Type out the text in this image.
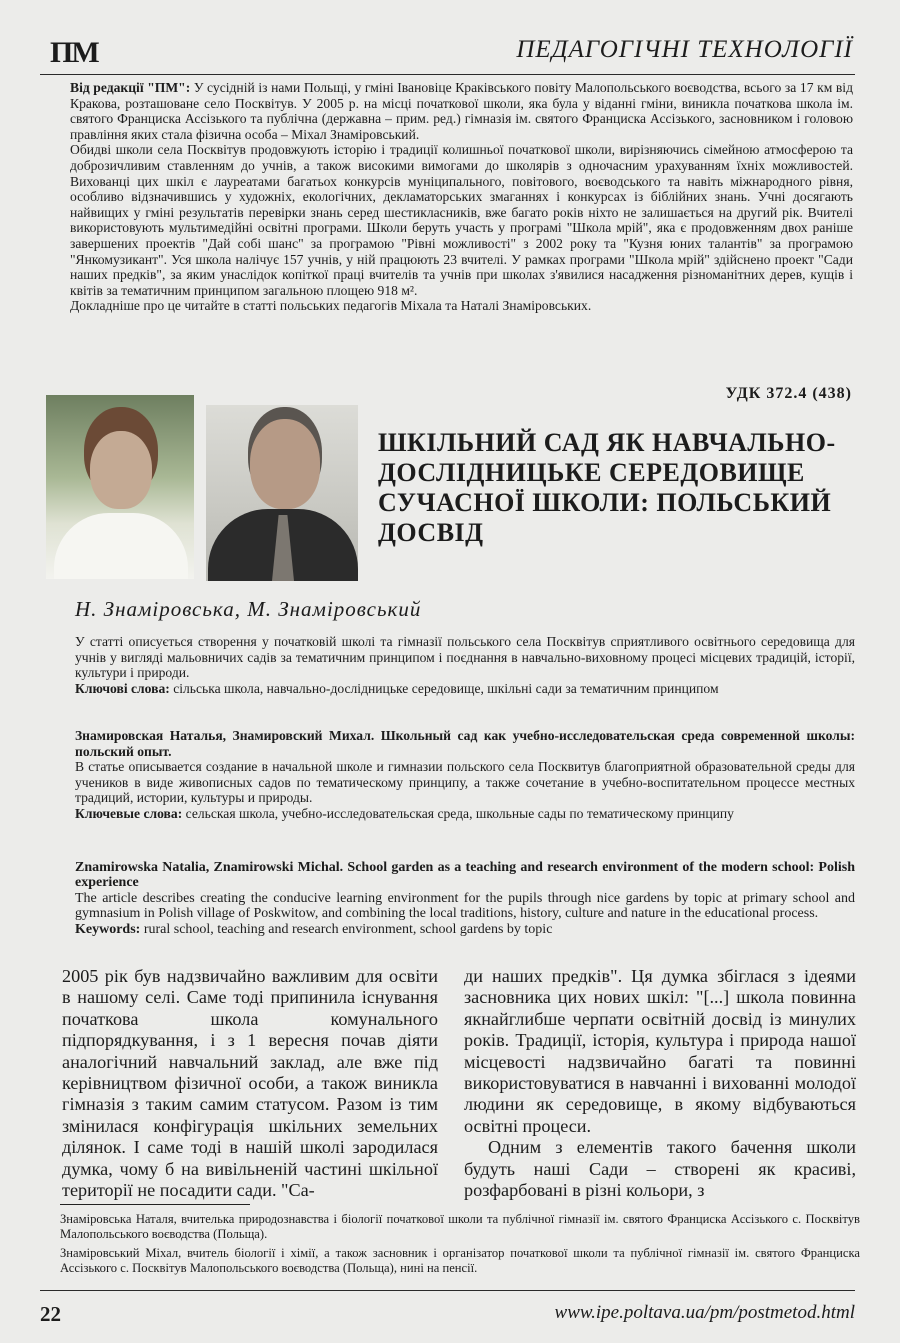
ПМ	ПЕДАГОГІЧНІ ТЕХНОЛОГІЇ
Від редакції "ПМ": У сусідній із нами Польщі, у гміні Івановіце Краківського повіту Малопольського воєводства, всього за 17 км від Кракова, розташоване село Посквітув. У 2005 р. на місці початкової школи, яка була у віданні гміни, виникла початкова школа ім. святого Франциска Ассізького та публічна (державна – прим. ред.) гімназія ім. святого Франциска Ассізького, засновником і головою правління яких стала фізична особа – Міхал Знаміровський.
Обидві школи села Посквітув продовжують історію і традиції колишньої початкової школи, вирізняючись сімейною атмосферою та доброзичливим ставленням до учнів, а також високими вимогами до школярів з одночасним урахуванням їхніх можливостей. Вихованці цих шкіл є лауреатами багатьох конкурсів муніципального, повітового, воєводського та навіть міжнародного рівня, особливо відзначившись у художніх, екологічних, декламаторських змаганнях і конкурсах із біблійних знань. Учні досягають найвищих у гміні результатів перевірки знань серед шестикласників, вже багато років ніхто не залишається на другий рік. Вчителі використовують мультимедійні освітні програми. Школи беруть участь у програмі "Школа мрій", яка є продовженням двох раніше завершених проектів "Дай собі шанс" за програмою "Рівні можливості" з 2002 року та "Кузня юних талантів" за програмою "Янкомузикант". Уся школа налічує 157 учнів, у ній працюють 23 вчителі. У рамках програми "Школа мрій" здійснено проект "Сади наших предків", за яким унаслідок копіткої праці вчителів та учнів при школах з'явилися насадження різноманітних дерев, кущів і квітів за тематичним принципом загальною площею 918 м².
Докладніше про це читайте в статті польських педагогів Міхала та Наталі Знаміровських.
УДК 372.4 (438)
ШКІЛЬНИЙ САД ЯК НАВЧАЛЬНО-ДОСЛІДНИЦЬКЕ СЕРЕДОВИЩЕ СУЧАСНОЇ ШКОЛИ: ПОЛЬСЬКИЙ ДОСВІД
Н. Знаміровська, М. Знаміровський
У статті описується створення у початковій школі та гімназії польського села Посквітув сприятливого освітнього середовища для учнів у вигляді мальовничих садів за тематичним принципом і поєднання в навчально-виховному процесі місцевих традицій, історії, культури і природи.
Ключові слова: сільська школа, навчально-дослідницьке середовище, шкільні сади за тематичним принципом
Знамировская Наталья, Знамировский Михал. Школьный сад как учебно-исследовательская среда современной школы: польский опыт.
В статье описывается создание в начальной школе и гимназии польского села Посквитув благоприятной образовательной среды для учеников в виде живописных садов по тематическому принципу, а также сочетание в учебно-воспитательном процессе местных традиций, истории, культуры и природы.
Ключевые слова: сельская школа, учебно-исследовательская среда, школьные сады по тематическому принципу
Znamirowska Natalia, Znamirowski Michal. School garden as a teaching and research environment of the modern school: Polish experience
The article describes creating the conducive learning environment for the pupils through nice gardens by topic at primary school and gymnasium in Polish village of Poskwitow, and combining the local traditions, history, culture and nature in the educational process.
Keywords: rural school, teaching and research environment, school gardens by topic

2005 рік був надзвичайно важливим для освіти в нашому селі. Саме тоді припинила існування початкова школа комунального підпорядкування, і з 1 вересня почав діяти аналогічний навчальний заклад, але вже під керівництвом фізичної особи, а також виникла гімназія з таким самим статусом. Разом із тим змінилася конфігурація шкільних земельних ділянок. І саме тоді в нашій школі зародилася думка, чому б на вивільненій частині шкільної території не посадити сади. "Са-

ди наших предків". Ця думка збіглася з ідеями засновника цих нових шкіл: "[...] школа повинна якнайглибше черпати освітній досвід із минулих років. Традиції, історія, культура і природа нашої місцевості надзвичайно багаті та повинні використовуватися в навчанні і вихованні молодої людини як середовище, в якому відбуваються освітні процеси.
Одним з елементів такого бачення школи будуть наші Сади – створені як красиві, розфарбовані в різні кольори, з

Знаміровська Наталя, вчителька природознавства і біології початкової школи та публічної гімназії ім. святого Франциска Ассізького с. Посквітув Малопольського воєводства (Польща).

Знаміровський Міхал, вчитель біології і хімії, а також засновник і організатор початкової школи та публічної гімназії ім. святого Франциска Ассізького с. Посквітув Малопольського воєводства (Польща), нині на пенсії.

22	www.ipe.poltava.ua/pm/postmetod.html
